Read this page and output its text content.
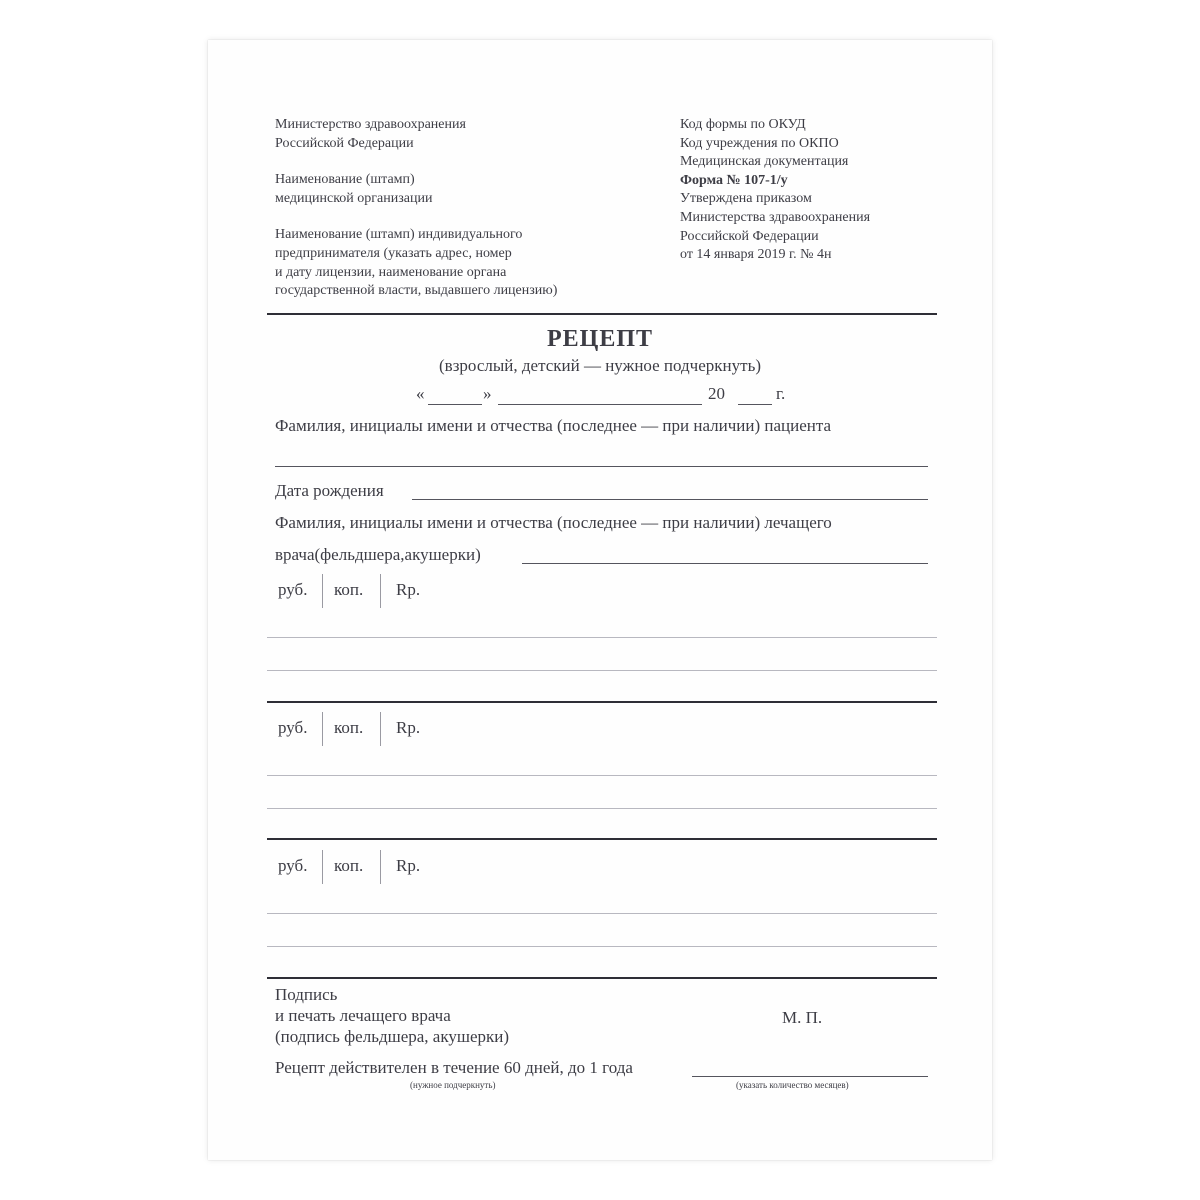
Министерство здравоохранения

Российской Федерации

Наименование (штамп)

медицинской организации

Наименование (штамп) индивидуального

предпринимателя (указать адрес, номер

и дату лицензии, наименование органа

государственной власти, выдавшего лицензию)

Код формы по ОКУД

Код учреждения по ОКПО

Медицинская документация

Форма № 107-1/у

Утверждена приказом

Министерства здравоохранения

Российской Федерации

от 14 января 2019 г. № 4н

РЕЦЕПТ
(взрослый, детский — нужное подчеркнуть)
«	»	20	г.
Фамилия, инициалы имени и отчества (последнее — при наличии) пациента
Дата рождения
Фамилия, инициалы имени и отчества (последнее — при наличии) лечащего
врача(фельдшера,акушерки)
руб. коп. Rp.
руб. коп. Rp.
руб. коп. Rp.
Подпись
и печать лечащего врача
(подпись фельдшера, акушерки)
М. П.
Рецепт действителен в течение 60 дней, до 1 года
(нужное подчеркнуть)	(указать количество месяцев)
